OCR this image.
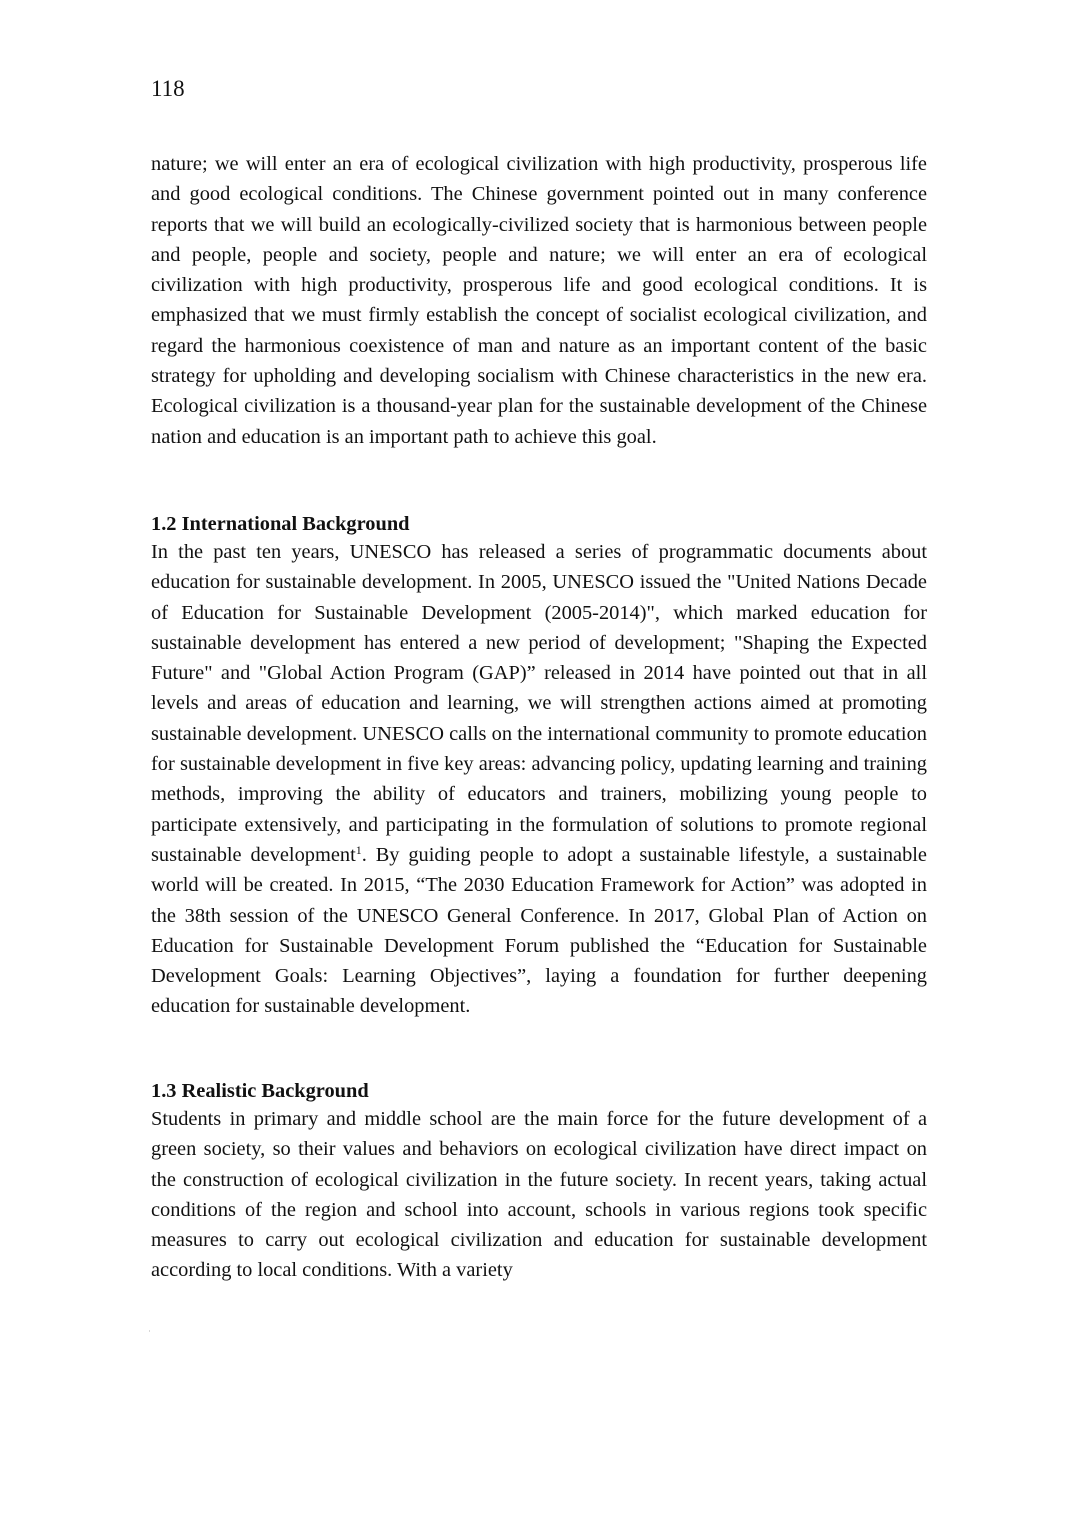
118

nature; we will enter an era of ecological civilization with high productivity, prosperous life and good ecological conditions. The Chinese government pointed out in many conference reports that we will build an ecologically-civilized society that is harmonious between people and people, people and society, people and nature; we will enter an era of ecological civilization with high productivity, prosperous life and good ecological conditions. It is emphasized that we must firmly establish the concept of socialist ecological civilization, and regard the harmonious coexistence of man and nature as an important content of the basic strategy for upholding and developing socialism with Chinese characteristics in the new era. Ecological civilization is a thousand-year plan for the sustainable development of the Chinese nation and education is an important path to achieve this goal.

1.2 International Background

In the past ten years, UNESCO has released a series of programmatic documents about education for sustainable development. In 2005, UNESCO issued the "United Nations Decade of Education for Sustainable Development (2005-2014)", which marked education for sustainable development has entered a new period of development; "Shaping the Expected Future" and "Global Action Program (GAP)” released in 2014 have pointed out that in all levels and areas of education and learning, we will strengthen actions aimed at promoting sustainable development. UNESCO calls on the international community to promote education for sustainable development in five key areas: advancing policy, updating learning and training methods, improving the ability of educators and trainers, mobilizing young people to participate extensively, and participating in the formulation of solutions to promote regional sustainable development$^1$. By guiding people to adopt a sustainable lifestyle, a sustainable world will be created. In 2015, “The 2030 Education Framework for Action” was adopted in the 38th session of the UNESCO General Conference. In 2017, Global Plan of Action on Education for Sustainable Development Forum published the “Education for Sustainable Development Goals: Learning Objectives”, laying a foundation for further deepening education for sustainable development.

1.3 Realistic Background

Students in primary and middle school are the main force for the future development of a green society, so their values and behaviors on ecological civilization have direct impact on the construction of ecological civilization in the future society. In recent years, taking actual conditions of the region and school into account, schools in various regions took specific measures to carry out ecological civilization and education for sustainable development according to local conditions. With a variety
